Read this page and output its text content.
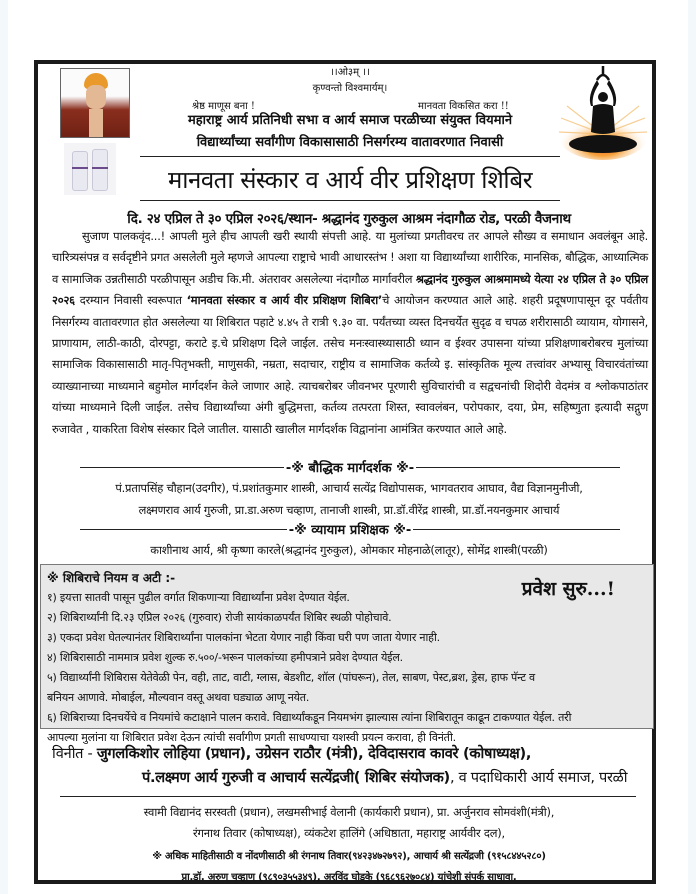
।।ओ३म् ।।
कृण्वन्तो विश्वमार्यम्।
श्रेष्ठ माणूस बना !	मानवता विकसित करा !!
महाराष्ट्र आर्य प्रतिनिधी सभा व आर्य समाज परळीच्या संयुक्त वियमाने
विद्यार्थ्यांच्या सर्वांगीण विकासासाठी निसर्गरम्य वातावरणात निवासी
मानवता संस्कार व आर्य वीर प्रशिक्षण शिबिर
दि. २४ एप्रिल ते ३० एप्रिल २०२६/स्थान- श्रद्धानंद गुरुकुल आश्रम नंदागौळ रोड, परळी वैजनाथ
सुजाण पालकवृंद...! आपली मुले हीच आपली खरी स्थायी संपत्ती आहे. या मुलांच्या प्रगतीवरच तर आपले सौख्य व समाधान अवलंबून आहे. चारित्र्यसंपन्न व सर्वदृष्टीने प्रगत असलेली मुले म्हणजे आपल्या राष्ट्राचे भावी आधारस्तंभ ! अशा या विद्यार्थ्यांच्या शारीरिक, मानसिक, बौद्धिक, आध्यात्मिक व सामाजिक उन्नतीसाठी परळीपासून अडीच कि.मी. अंतरावर असलेल्या नंदागौळ मार्गावरील श्रद्धानंद गुरुकुल आश्रमामध्ये येत्या २४ एप्रिल ते ३० एप्रिल २०२६ दरम्यान निवासी स्वरूपात ‘मानवता संस्कार व आर्य वीर प्रशिक्षण शिबिरा’चे आयोजन करण्यात आले आहे. शहरी प्रदूषणापासून दूर पर्वतीय निसर्गरम्य वातावरणात होत असलेल्या या शिबिरात पहाटे ४.४५ ते रात्री ९.३० वा. पर्यंतच्या व्यस्त दिनचर्येत सुदृढ व चपळ शरीरासाठी व्यायाम, योगासने, प्राणायाम, लाठी-काठी, दोरपट्टा, कराटे इ.चे प्रशिक्षण दिले जाईल. तसेच मनःस्वास्थ्यासाठी ध्यान व ईश्वर उपासना यांच्या प्रशिक्षणाबरोबरच मुलांच्या सामाजिक विकासासाठी मातृ-पितृभक्ती, माणुसकी, नम्रता, सदाचार, राष्ट्रीय व सामाजिक कर्तव्ये इ. सांस्कृतिक मूल्य तत्त्वांवर अभ्यासू विचारवंतांच्या व्याख्यानाच्या माध्यमाने बहुमोल मार्गदर्शन केले जाणार आहे. त्याचबरोबर जीवनभर पूरणारी सुविचारांची व सद्वचनांची शिदोरी वेदमंत्र व श्लोकपाठांतर यांच्या माध्यमाने दिली जाईल. तसेच विद्यार्थ्यांच्या अंगी बुद्धिमत्ता, कर्तव्य तत्परता शिस्त, स्वावलंबन, परोपकार, दया, प्रेम, सहिष्णुता इत्यादी सद्गुण रुजावेत , याकरिता विशेष संस्कार दिले जातील. यासाठी खालील मार्गदर्शक विद्वानांना आमंत्रित करण्यात आले आहे.
-※ बौद्धिक मार्गदर्शक ※-
पं.प्रतापसिंह चौहान(उदगीर), पं.प्रशांतकुमार शास्त्री, आचार्य सत्येंद्र विद्योपासक, भागवतराव आघाव, वैद्य विज्ञानमुनीजी,
लक्ष्मणराव आर्य गुरुजी, प्रा.डा.अरुण चव्हाण, तानाजी शास्त्री, प्रा.डॉ.वीरेंद्र शास्त्री, प्रा.डॉ.नयनकुमार आचार्य
-※ व्यायाम प्रशिक्षक ※-
काशीनाथ आर्य, श्री कृष्णा कारले(श्रद्धानंद गुरुकुल), ओमकार मोहनाळे(लातूर), सोमेंद्र शास्त्री(परळी)
※ शिबिराचे नियम व अटी :-	प्रवेश सुरु...!
१) इयत्ता सातवी पासून पुढील वर्गात शिकणाऱ्या विद्यार्थ्यांना प्रवेश देण्यात येईल.
२) शिबिरार्थ्यांनी दि.२३ एप्रिल २०२६ (गुरुवार) रोजी सायंकाळपर्यंत शिबिर स्थळी पोहोचावे.
३) एकदा प्रवेश घेतल्यानंतर शिबिरार्थ्यांना पालकांना भेटता येणार नाही किंवा घरी पण जाता येणार नाही.
४) शिबिरासाठी नाममात्र प्रवेश शुल्क रु.५००/-भरून पालकांच्या हमीपत्राने प्रवेश देण्यात येईल.
५) विद्यार्थ्यांनी शिबिरास येतेवेळी पेन, वही, ताट, वाटी, ग्लास, बेडशीट, शॉल (पांघरून), तेल, साबण, पेस्ट,ब्रश, ड्रेस, हाफ पॅन्ट व
बनियन आणावे. मोबाईल, मौल्यवान वस्तू अथवा घड्याळ आणू नयेत.
६) शिबिराच्या दिनचर्येचे व नियमांचे कटाक्षाने पालन करावे. विद्यार्थ्यांकडून नियमभंग झाल्यास त्यांना शिबिरातून काढून टाकण्यात येईल. तरी
आपल्या मुलांना या शिबिरात प्रवेश देऊन त्यांची सर्वांगीण प्रगती साधण्याचा यशस्वी प्रयत्न करावा, ही विनंती.
विनीत - जुगलकिशोर लोहिया (प्रधान), उग्रेसन राठौर (मंत्री), देविदासराव कावरे (कोषाध्यक्ष),
पं.लक्ष्मण आर्य गुरुजी व आचार्य सत्येंद्रजी( शिबिर संयोजक), व पदाधिकारी आर्य समाज, परळी
स्वामी विद्यानंद सरस्वती (प्रधान), लखमसीभाई वेलानी (कार्यकारी प्रधान), प्रा. अर्जुनराव सोमवंशी(मंत्री),
रंगनाथ तिवार (कोषाध्यक्ष), व्यंकटेश हालिंगे (अधिष्ठाता, महाराष्ट्र आर्यवीर दल),
※ अधिक माहितीसाठी व नोंदणीसाठी श्री रंगनाथ तिवार(९४२३४७२७९२), आचार्य श्री सत्येंद्रजी (९१५८४४५२८०)
प्रा.डॉ. अरुण चव्हाण (९८९०३५५३४९), अरविंद घोडके (९६८९६२७०८४) यांचेशी संपर्क साधावा.
